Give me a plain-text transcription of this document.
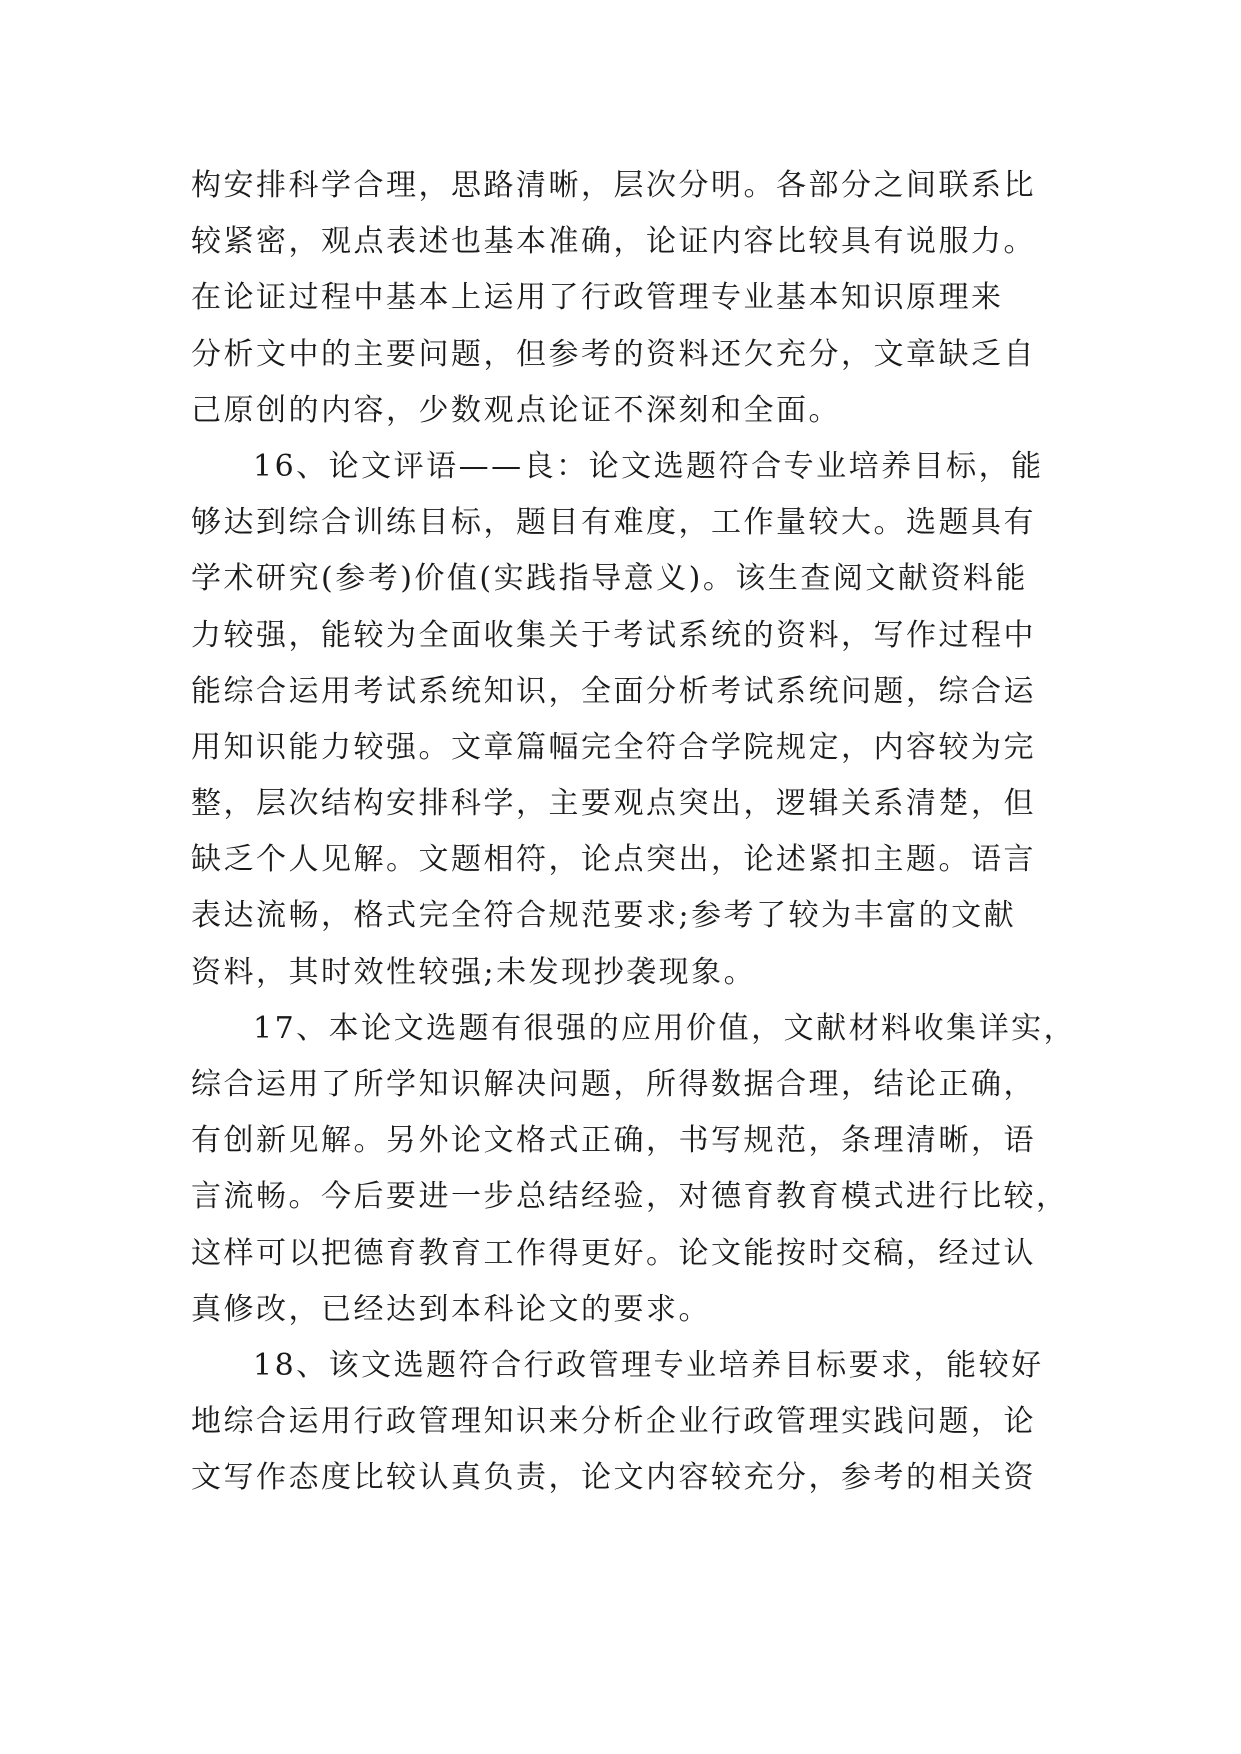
构安排科学合理，思路清晰，层次分明。各部分之间联系比
较紧密，观点表述也基本准确，论证内容比较具有说服力。
在论证过程中基本上运用了行政管理专业基本知识原理来
分析文中的主要问题，但参考的资料还欠充分，文章缺乏自
己原创的内容，少数观点论证不深刻和全面。
16、论文评语——良：论文选题符合专业培养目标，能
够达到综合训练目标，题目有难度，工作量较大。选题具有
学术研究(参考)价值(实践指导意义)。该生查阅文献资料能
力较强，能较为全面收集关于考试系统的资料，写作过程中
能综合运用考试系统知识，全面分析考试系统问题，综合运
用知识能力较强。文章篇幅完全符合学院规定，内容较为完
整，层次结构安排科学，主要观点突出，逻辑关系清楚，但
缺乏个人见解。文题相符，论点突出，论述紧扣主题。语言
表达流畅，格式完全符合规范要求;参考了较为丰富的文献
资料，其时效性较强;未发现抄袭现象。
17、本论文选题有很强的应用价值，文献材料收集详实，
综合运用了所学知识解决问题，所得数据合理，结论正确，
有创新见解。另外论文格式正确，书写规范，条理清晰，语
言流畅。今后要进一步总结经验，对德育教育模式进行比较，
这样可以把德育教育工作得更好。论文能按时交稿，经过认
真修改，已经达到本科论文的要求。
18、该文选题符合行政管理专业培养目标要求，能较好
地综合运用行政管理知识来分析企业行政管理实践问题，论
文写作态度比较认真负责，论文内容较充分，参考的相关资
